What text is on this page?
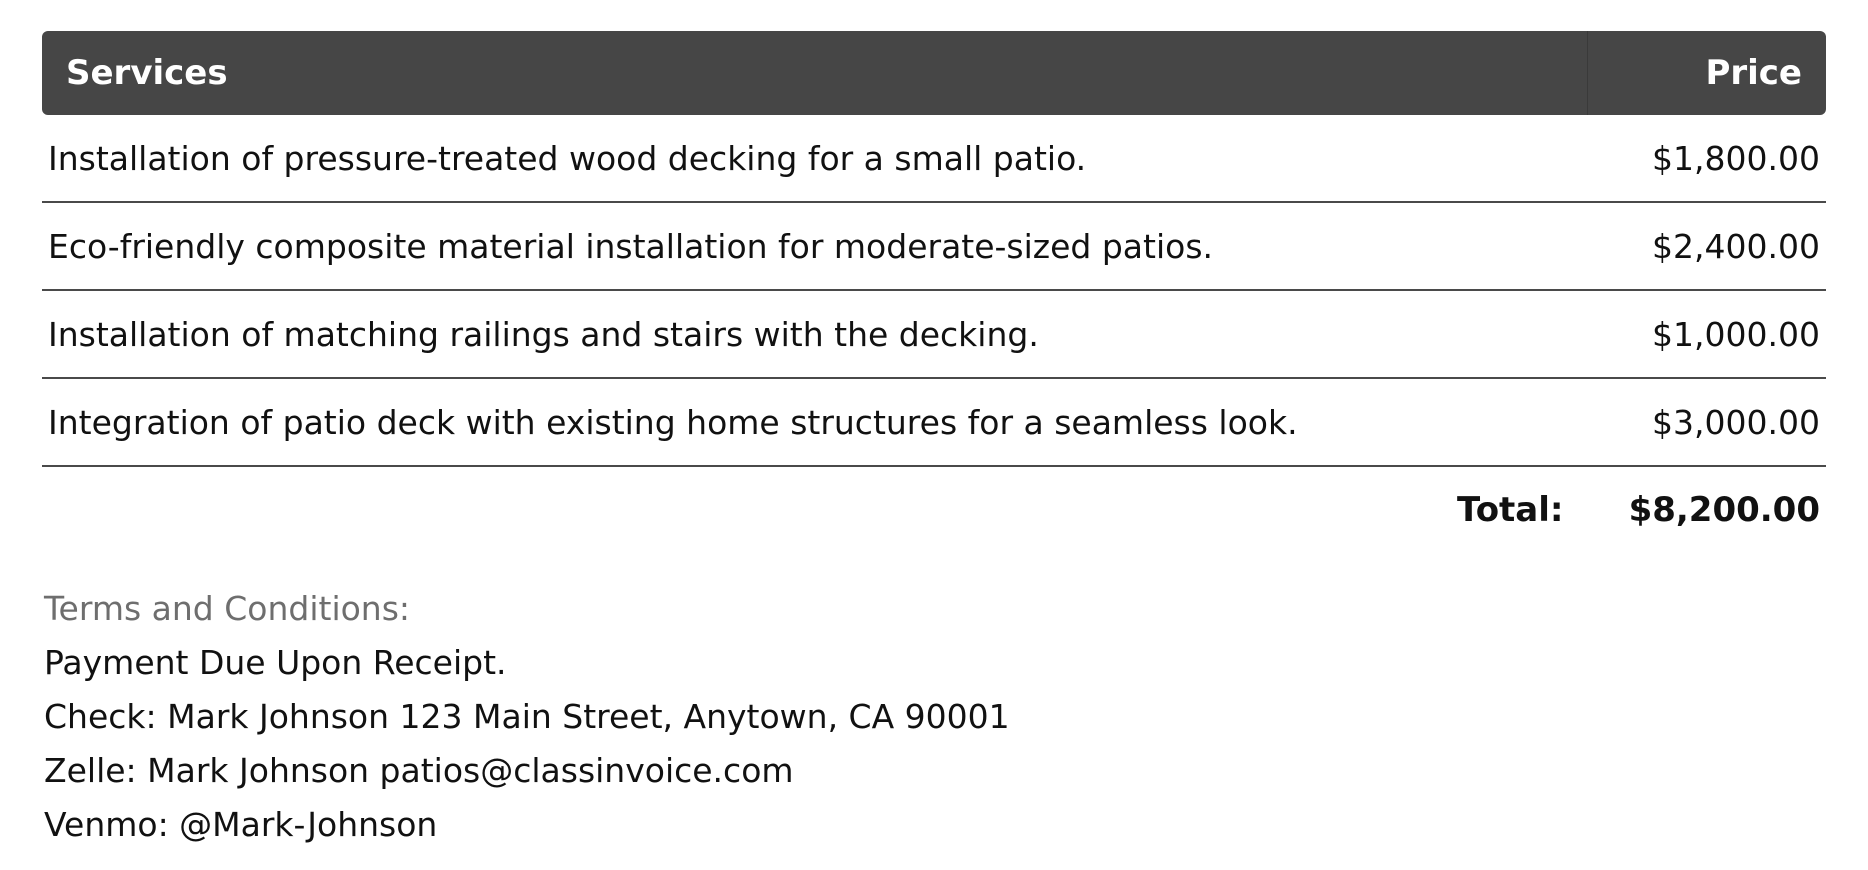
Services	Price
Installation of pressure-treated wood decking for a small patio.	$1,800.00
Eco-friendly composite material installation for moderate-sized patios.	$2,400.00
Installation of matching railings and stairs with the decking.	$1,000.00
Integration of patio deck with existing home structures for a seamless look.	$3,000.00
Total:	$8,200.00
Terms and Conditions:
Payment Due Upon Receipt.
Check: Mark Johnson 123 Main Street, Anytown, CA 90001
Zelle: Mark Johnson patios@classinvoice.com
Venmo: @Mark-Johnson
